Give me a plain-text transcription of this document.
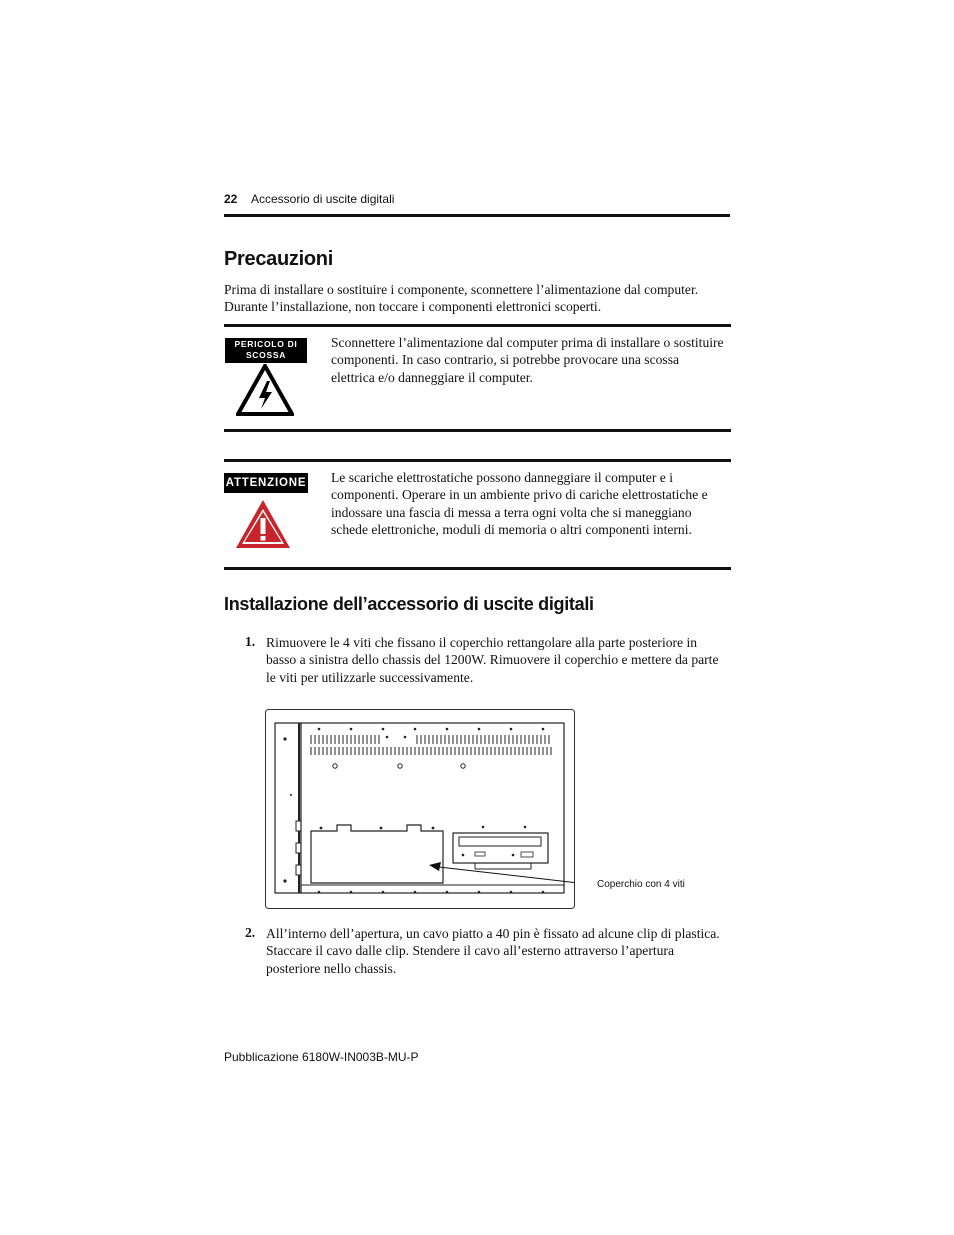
22 Accessorio di uscite digitali
Precauzioni
Prima di installare o sostituire i componente, sconnettere l’alimentazione dal computer. Durante l’installazione, non toccare i componenti elettronici scoperti.
PERICOLO DI
SCOSSA
Sconnettere l’alimentazione dal computer prima di installare o sostituire componenti. In caso contrario, si potrebbe provocare una scossa elettrica e/o danneggiare il computer.
ATTENZIONE Le scariche elettrostatiche possono danneggiare il computer e i componenti. Operare in un ambiente privo di cariche elettrostatiche e indossare una fascia di messa a terra ogni volta che si maneggiano schede elettroniche, moduli di memoria o altri componenti interni.
Installazione dell’accessorio di uscite digitali
1. Rimuovere le 4 viti che fissano il coperchio rettangolare alla parte posteriore in basso a sinistra dello chassis del 1200W. Rimuovere il coperchio e mettere da parte le viti per utilizzarle successivamente.
Coperchio con 4 viti
2. All’interno dell’apertura, un cavo piatto a 40 pin è fissato ad alcune clip di plastica. Staccare il cavo dalle clip. Stendere il cavo all’esterno attraverso l’apertura posteriore nello chassis.
Pubblicazione 6180W-IN003B-MU-P
